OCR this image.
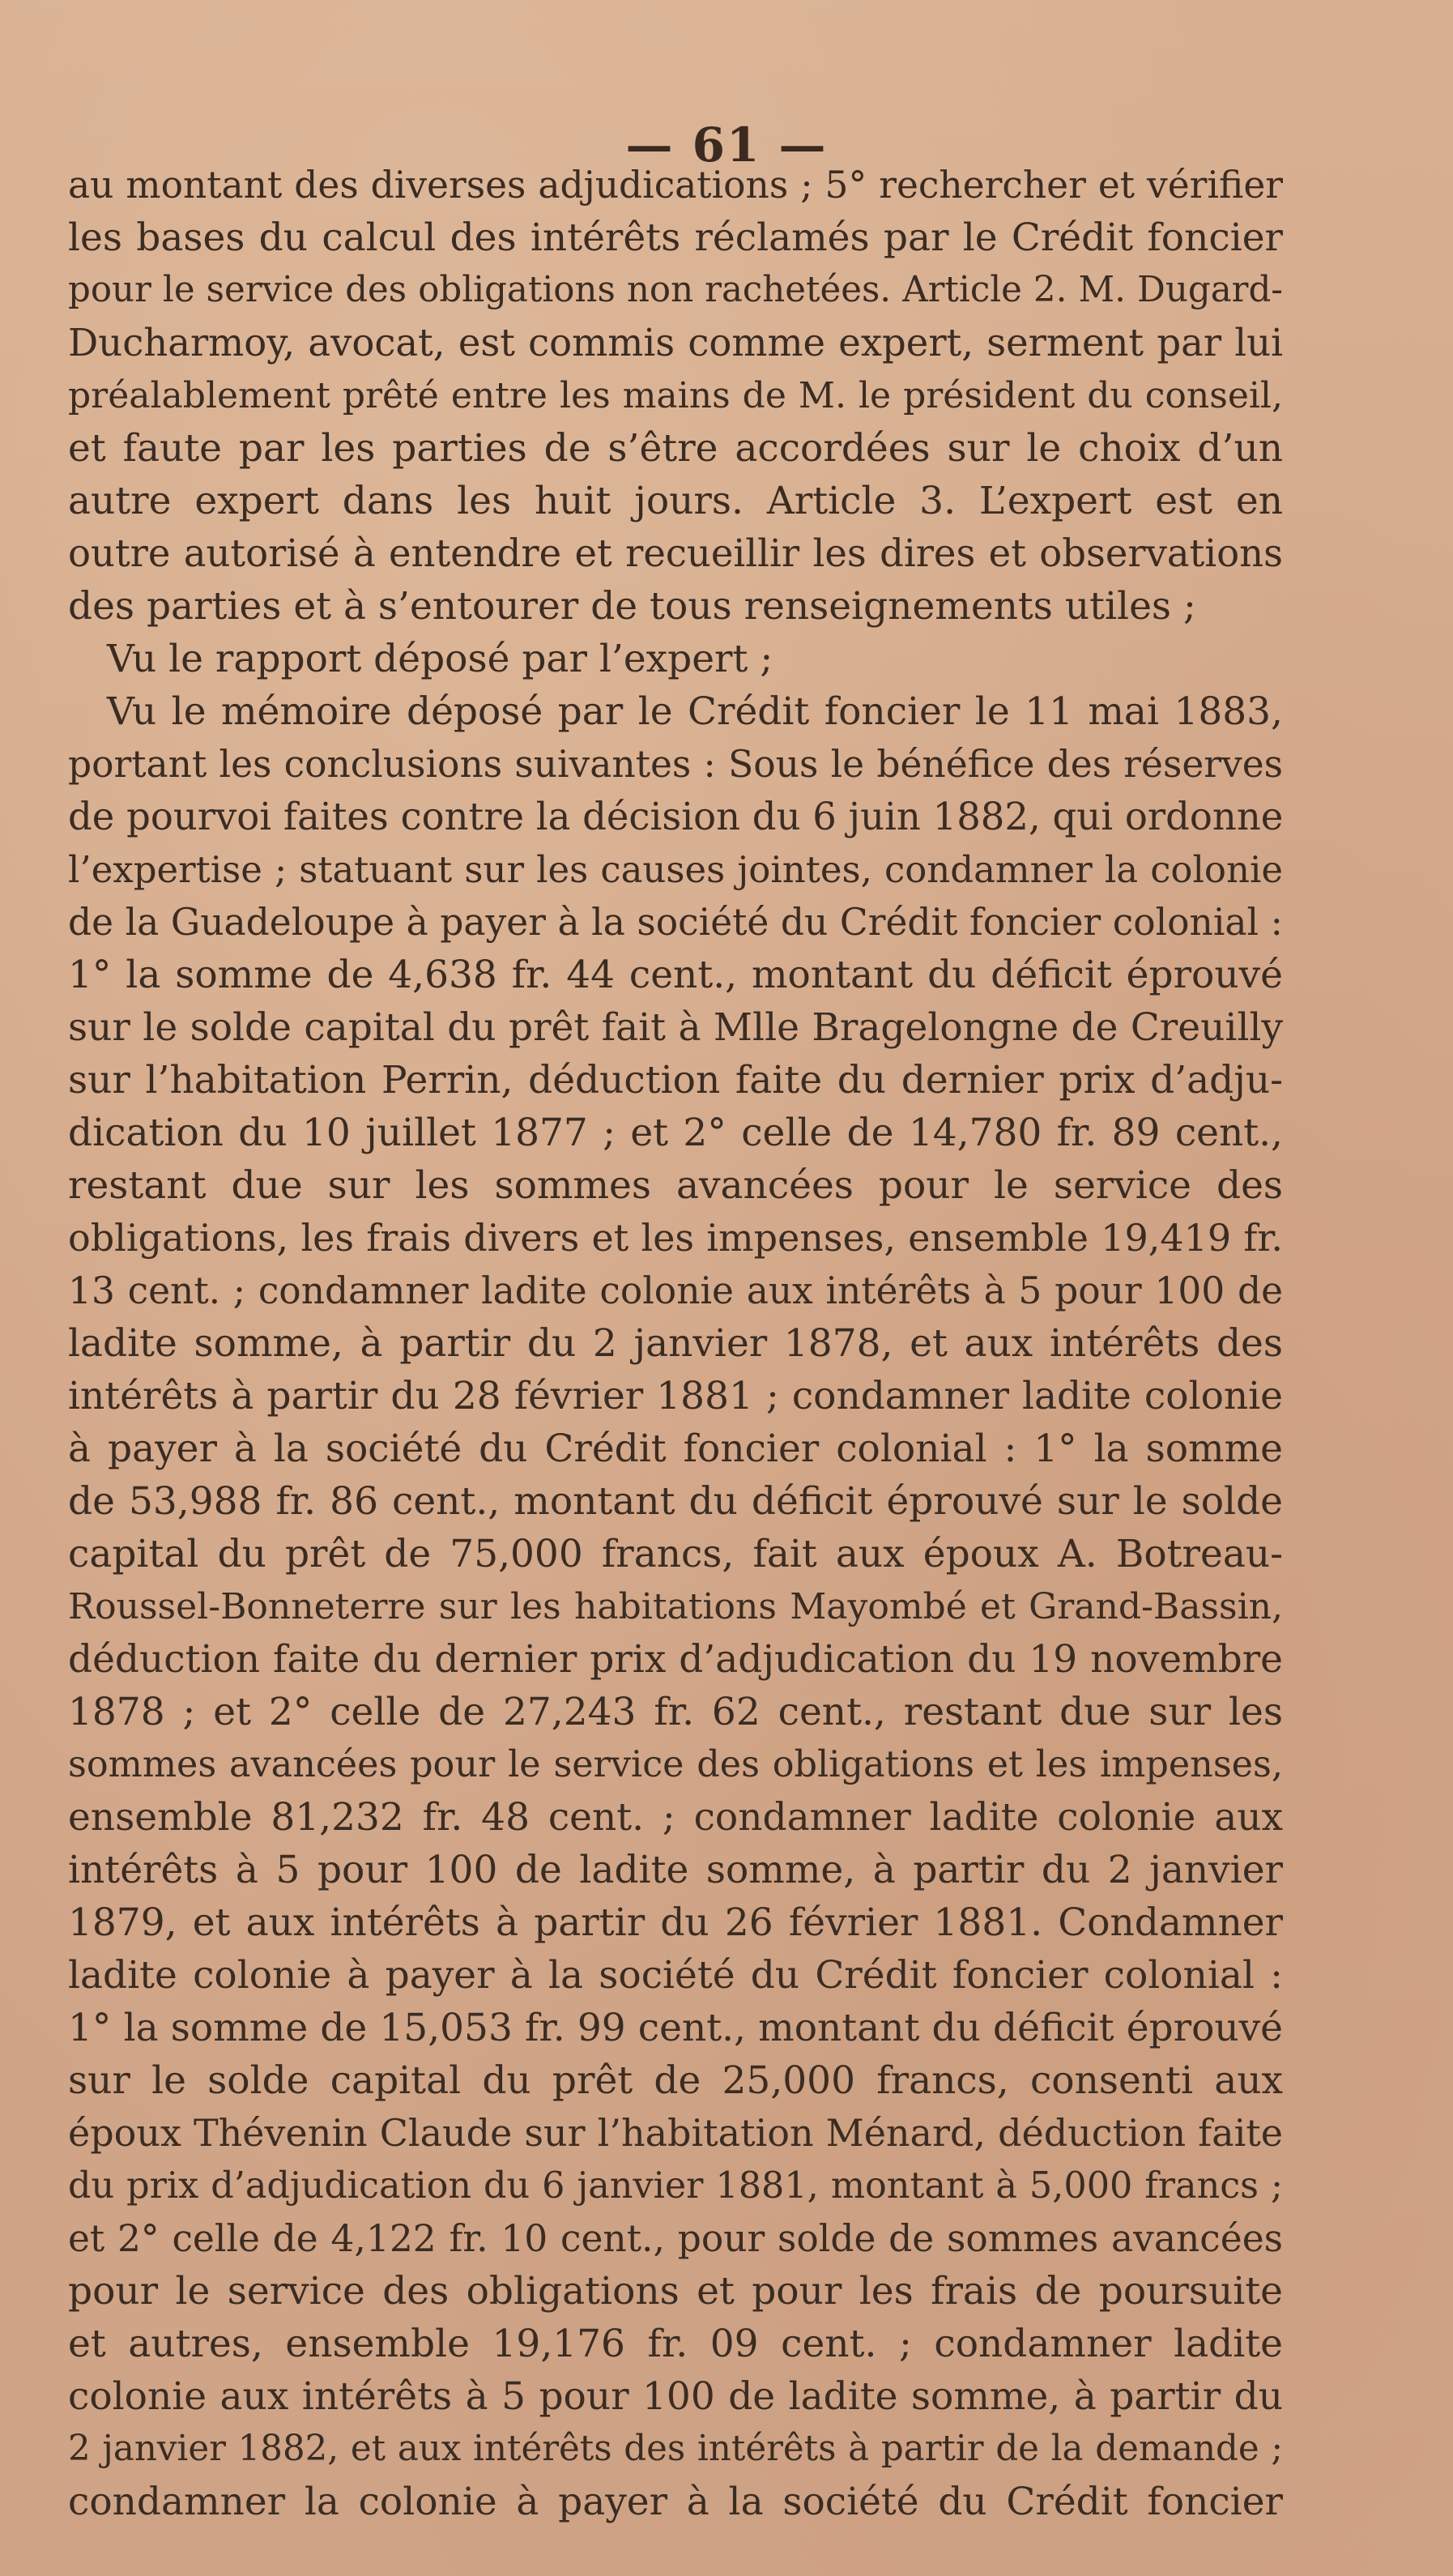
— 61 —
au montant des diverses adjudications ; 5° rechercher et vérifier
les bases du calcul des intérêts réclamés par le Crédit foncier
pour le service des obligations non rachetées. Article 2. M. Dugard-
Ducharmoy, avocat, est commis comme expert, serment par lui
préalablement prêté entre les mains de M. le président du conseil,
et faute par les parties de s’être accordées sur le choix d’un
autre expert dans les huit jours. Article 3. L’expert est en
outre autorisé à entendre et recueillir les dires et observations
des parties et à s’entourer de tous renseignements utiles ;
Vu le rapport déposé par l’expert ;
Vu le mémoire déposé par le Crédit foncier le 11 mai 1883,
portant les conclusions suivantes : Sous le bénéfice des réserves
de pourvoi faites contre la décision du 6 juin 1882, qui ordonne
l’expertise ; statuant sur les causes jointes, condamner la colonie
de la Guadeloupe à payer à la société du Crédit foncier colonial :
1° la somme de 4,638 fr. 44 cent., montant du déficit éprouvé
sur le solde capital du prêt fait à Mlle Bragelongne de Creuilly
sur l’habitation Perrin, déduction faite du dernier prix d’adju-
dication du 10 juillet 1877 ; et 2° celle de 14,780 fr. 89 cent.,
restant due sur les sommes avancées pour le service des
obligations, les frais divers et les impenses, ensemble 19,419 fr.
13 cent. ; condamner ladite colonie aux intérêts à 5 pour 100 de
ladite somme, à partir du 2 janvier 1878, et aux intérêts des
intérêts à partir du 28 février 1881 ; condamner ladite colonie
à payer à la société du Crédit foncier colonial : 1° la somme
de 53,988 fr. 86 cent., montant du déficit éprouvé sur le solde
capital du prêt de 75,000 francs, fait aux époux A. Botreau-
Roussel-Bonneterre sur les habitations Mayombé et Grand-Bassin,
déduction faite du dernier prix d’adjudication du 19 novembre
1878 ; et 2° celle de 27,243 fr. 62 cent., restant due sur les
sommes avancées pour le service des obligations et les impenses,
ensemble 81,232 fr. 48 cent. ; condamner ladite colonie aux
intérêts à 5 pour 100 de ladite somme, à partir du 2 janvier
1879, et aux intérêts à partir du 26 février 1881. Condamner
ladite colonie à payer à la société du Crédit foncier colonial :
1° la somme de 15,053 fr. 99 cent., montant du déficit éprouvé
sur le solde capital du prêt de 25,000 francs, consenti aux
époux Thévenin Claude sur l’habitation Ménard, déduction faite
du prix d’adjudication du 6 janvier 1881, montant à 5,000 francs ;
et 2° celle de 4,122 fr. 10 cent., pour solde de sommes avancées
pour le service des obligations et pour les frais de poursuite
et autres, ensemble 19,176 fr. 09 cent. ; condamner ladite
colonie aux intérêts à 5 pour 100 de ladite somme, à partir du
2 janvier 1882, et aux intérêts des intérêts à partir de la demande ;
condamner la colonie à payer à la société du Crédit foncier
